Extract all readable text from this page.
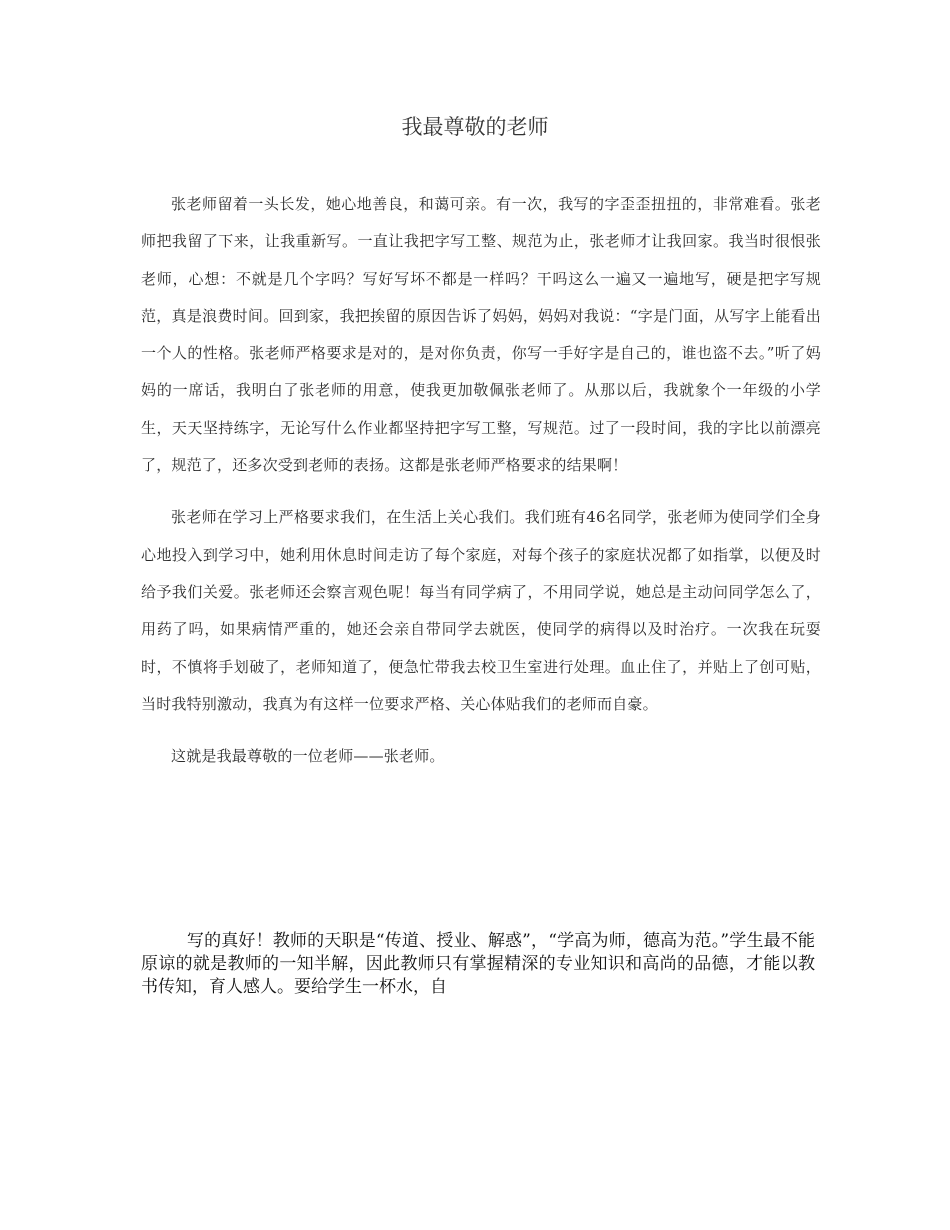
我最尊敬的老师

张老师留着一头长发，她心地善良，和蔼可亲。有一次，我写的字歪歪扭扭的，非常难看。张老师把我留了下来，让我重新写。一直让我把字写工整、规范为止，张老师才让我回家。我当时很恨张老师，心想：不就是几个字吗？写好写坏不都是一样吗？干吗这么一遍又一遍地写，硬是把字写规范，真是浪费时间。回到家，我把挨留的原因告诉了妈妈，妈妈对我说：“字是门面，从写字上能看出一个人的性格。张老师严格要求是对的，是对你负责，你写一手好字是自己的，谁也盗不去。”听了妈妈的一席话，我明白了张老师的用意，使我更加敬佩张老师了。从那以后，我就象个一年级的小学生，天天坚持练字，无论写什么作业都坚持把字写工整，写规范。过了一段时间，我的字比以前漂亮了，规范了，还多次受到老师的表扬。这都是张老师严格要求的结果啊！

张老师在学习上严格要求我们，在生活上关心我们。我们班有46名同学，张老师为使同学们全身心地投入到学习中，她利用休息时间走访了每个家庭，对每个孩子的家庭状况都了如指掌，以便及时给予我们关爱。张老师还会察言观色呢！每当有同学病了，不用同学说，她总是主动问同学怎么了，用药了吗，如果病情严重的，她还会亲自带同学去就医，使同学的病得以及时治疗。一次我在玩耍时，不慎将手划破了，老师知道了，便急忙带我去校卫生室进行处理。血止住了，并贴上了创可贴，当时我特别激动，我真为有这样一位要求严格、关心体贴我们的老师而自豪。

这就是我最尊敬的一位老师——张老师。

写的真好！教师的天职是“传道、授业、解惑”，“学高为师，德高为范。”学生最不能原谅的就是教师的一知半解，因此教师只有掌握精深的专业知识和高尚的品德，才能以教书传知，育人感人。要给学生一杯水，自
